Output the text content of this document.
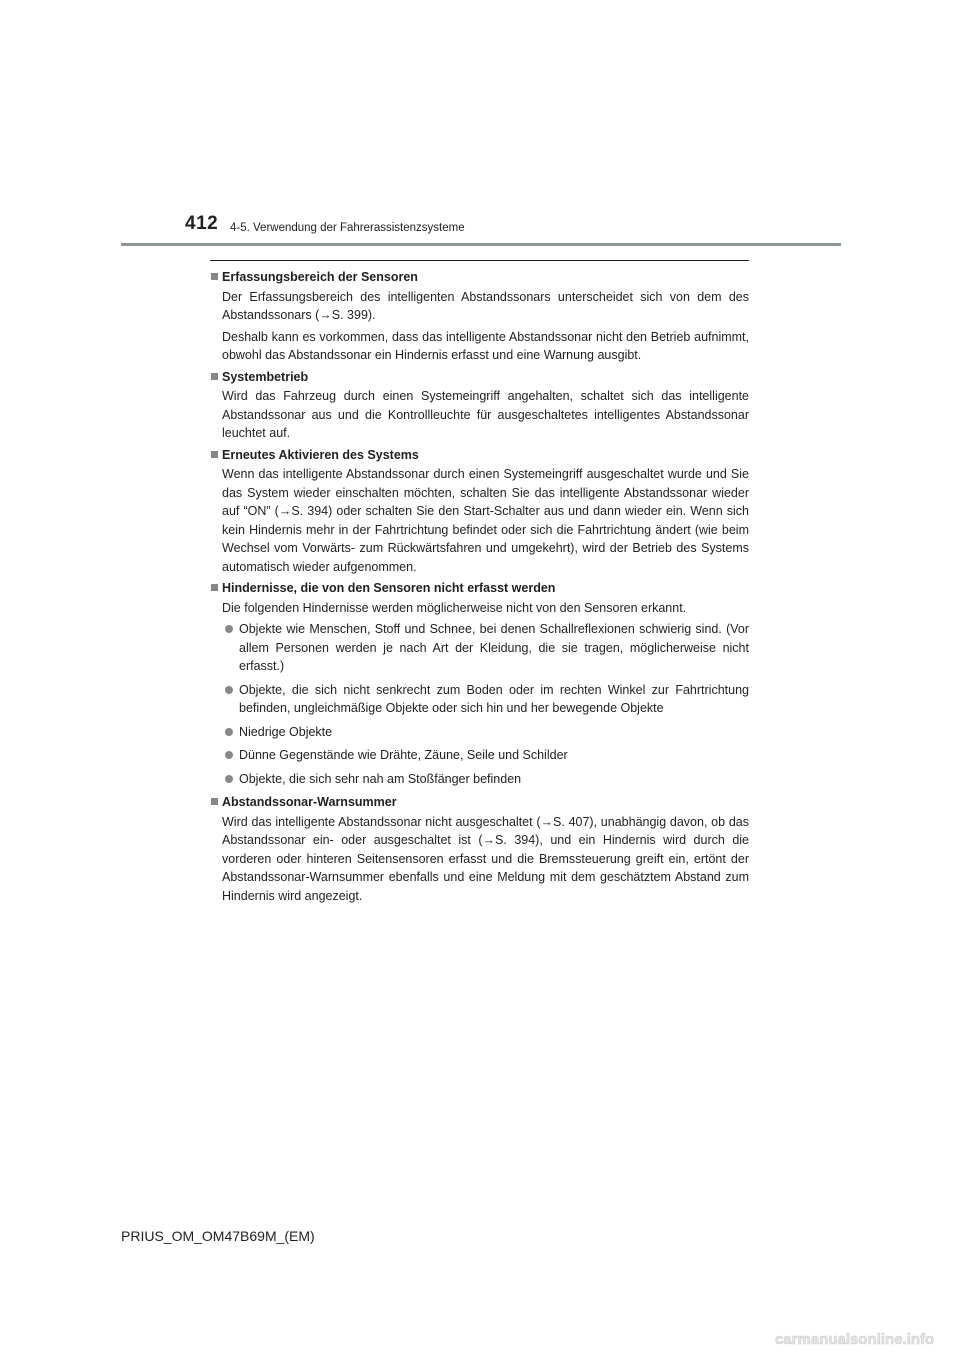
412 4-5. Verwendung der Fahrerassistenzsysteme
Erfassungsbereich der Sensoren
Der Erfassungsbereich des intelligenten Abstandssonars unterscheidet sich von dem des Abstandssonars (→S. 399).
Deshalb kann es vorkommen, dass das intelligente Abstandssonar nicht den Betrieb aufnimmt, obwohl das Abstandssonar ein Hindernis erfasst und eine Warnung ausgibt.
Systembetrieb
Wird das Fahrzeug durch einen Systemeingriff angehalten, schaltet sich das intelligente Abstandssonar aus und die Kontrollleuchte für ausgeschaltetes intelligentes Abstandssonar leuchtet auf.
Erneutes Aktivieren des Systems
Wenn das intelligente Abstandssonar durch einen Systemeingriff ausgeschaltet wurde und Sie das System wieder einschalten möchten, schalten Sie das intelligente Abstandssonar wieder auf “ON” (→S. 394) oder schalten Sie den Start-Schalter aus und dann wieder ein. Wenn sich kein Hindernis mehr in der Fahrtrichtung befindet oder sich die Fahrtrichtung ändert (wie beim Wechsel vom Vorwärts- zum Rückwärtsfahren und umgekehrt), wird der Betrieb des Systems automatisch wieder aufgenommen.
Hindernisse, die von den Sensoren nicht erfasst werden
Die folgenden Hindernisse werden möglicherweise nicht von den Sensoren erkannt.
Objekte wie Menschen, Stoff und Schnee, bei denen Schallreflexionen schwierig sind. (Vor allem Personen werden je nach Art der Kleidung, die sie tragen, möglicherweise nicht erfasst.)
Objekte, die sich nicht senkrecht zum Boden oder im rechten Winkel zur Fahrtrichtung befinden, ungleichmäßige Objekte oder sich hin und her bewegende Objekte
Niedrige Objekte
Dünne Gegenstände wie Drähte, Zäune, Seile und Schilder
Objekte, die sich sehr nah am Stoßfänger befinden
Abstandssonar-Warnsummer
Wird das intelligente Abstandssonar nicht ausgeschaltet (→S. 407), unabhängig davon, ob das Abstandssonar ein- oder ausgeschaltet ist (→S. 394), und ein Hindernis wird durch die vorderen oder hinteren Seitensensoren erfasst und die Bremssteuerung greift ein, ertönt der Abstandssonar-Warnsummer ebenfalls und eine Meldung mit dem geschätztem Abstand zum Hindernis wird angezeigt.
PRIUS_OM_OM47B69M_(EM)
carmanualsonline.info
